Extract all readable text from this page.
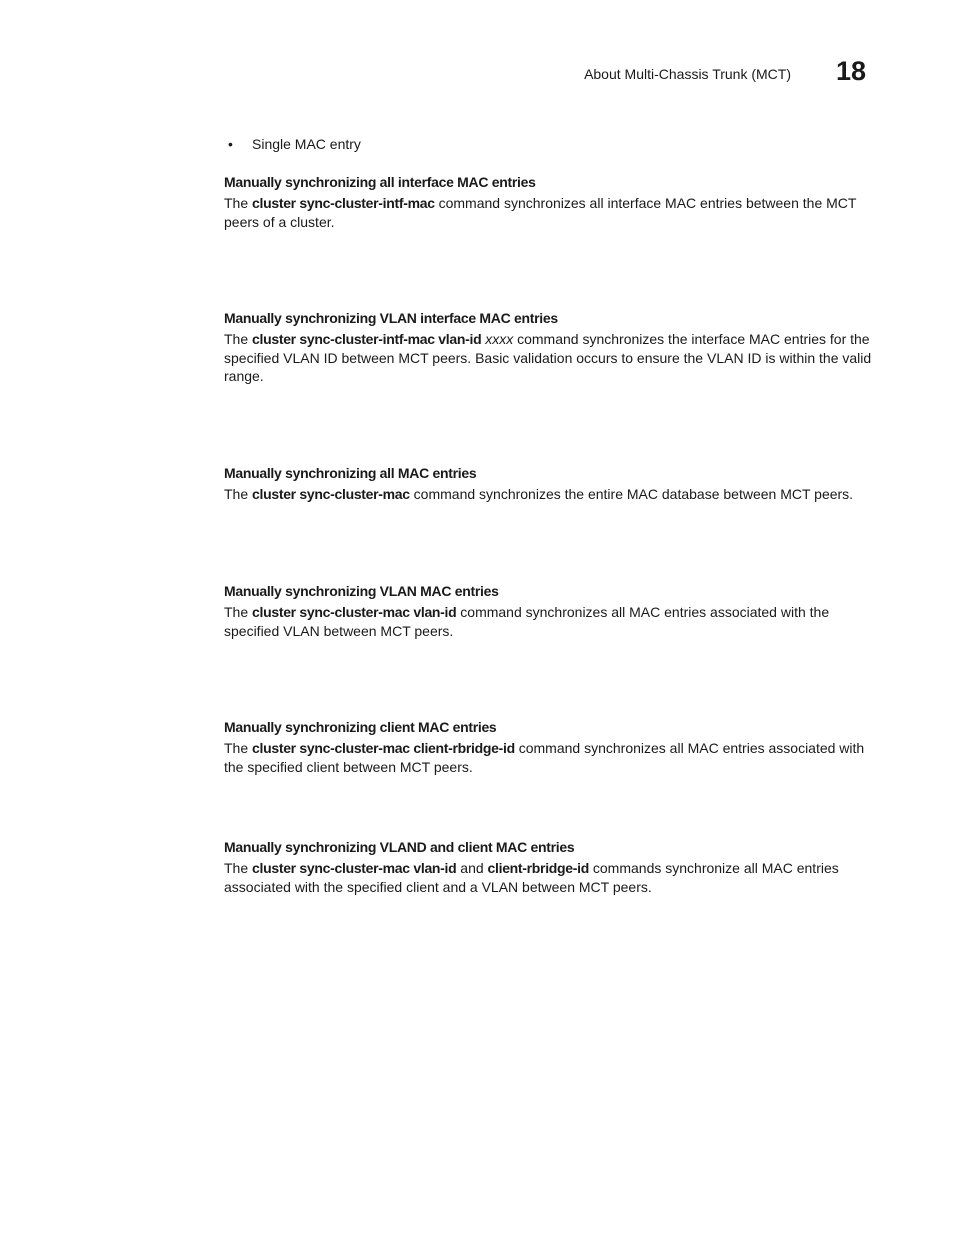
About Multi-Chassis Trunk (MCT)	18
• Single MAC entry

Manually synchronizing all interface MAC entries

The cluster sync-cluster-intf-mac command synchronizes all interface MAC entries between the MCT peers of a cluster.

Manually synchronizing VLAN interface MAC entries

The cluster sync-cluster-intf-mac vlan-id xxxx command synchronizes the interface MAC entries for the specified VLAN ID between MCT peers. Basic validation occurs to ensure the VLAN ID is within the valid range.

Manually synchronizing all MAC entries

The cluster sync-cluster-mac command synchronizes the entire MAC database between MCT peers.

Manually synchronizing VLAN MAC entries

The cluster sync-cluster-mac vlan-id command synchronizes all MAC entries associated with the specified VLAN between MCT peers.

Manually synchronizing client MAC entries

The cluster sync-cluster-mac client-rbridge-id command synchronizes all MAC entries associated with the specified client between MCT peers.

Manually synchronizing VLAND and client MAC entries

The cluster sync-cluster-mac vlan-id and client-rbridge-id commands synchronize all MAC entries associated with the specified client and a VLAN between MCT peers.
